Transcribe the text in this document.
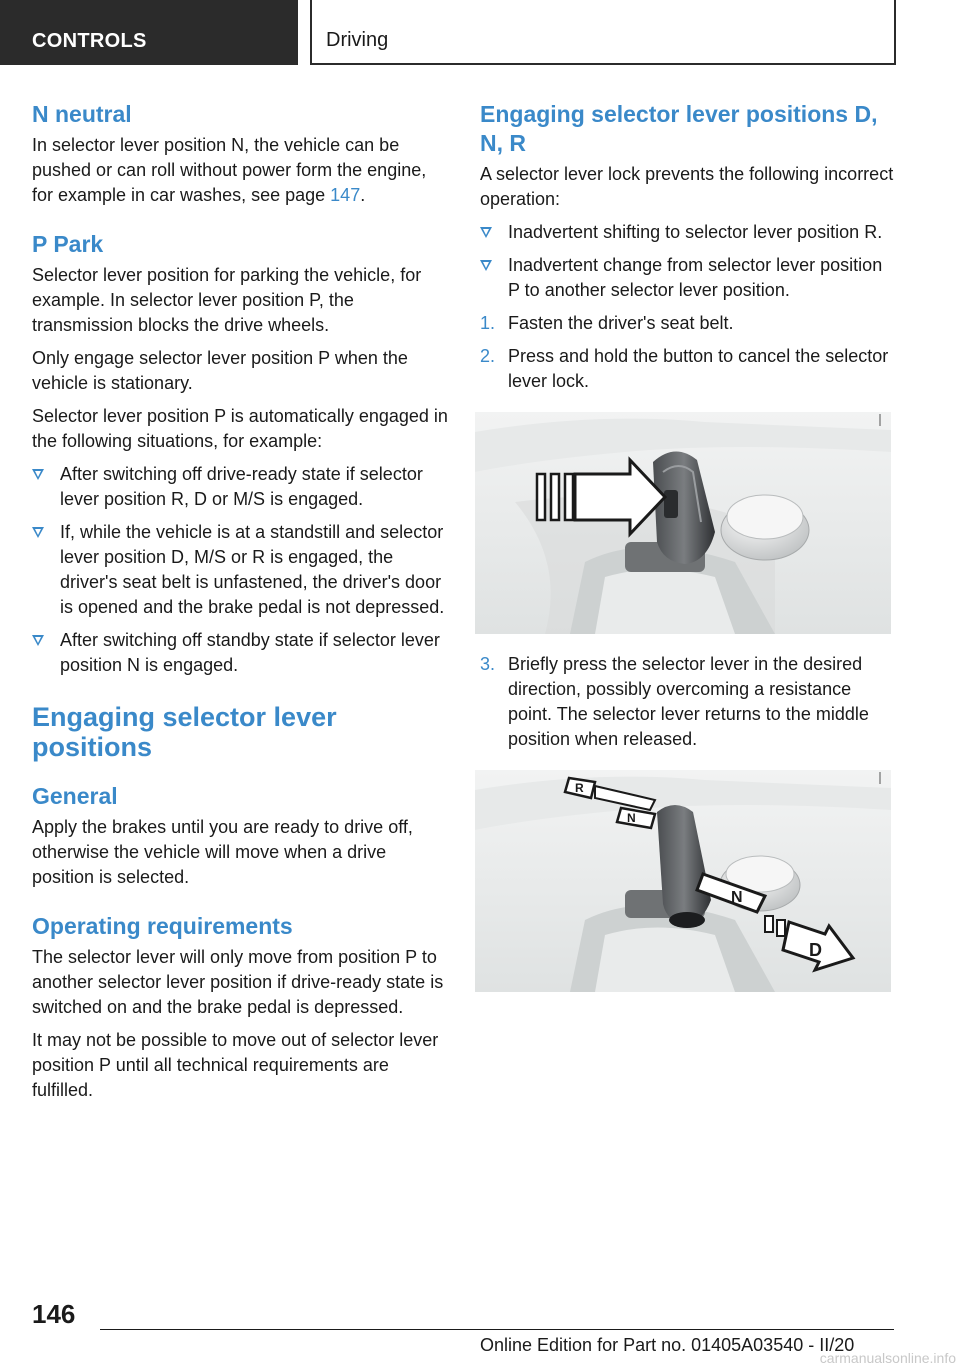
CONTROLS	Driving
N neutral

In selector lever position N, the vehicle can be pushed or can roll without power form the engine, for example in car washes, see page 147.

P Park

Selector lever position for parking the vehicle, for example. In selector lever position P, the transmission blocks the drive wheels.

Only engage selector lever position P when the vehicle is stationary.

Selector lever position P is automatically engaged in the following situations, for example:

After switching off drive-ready state if selector lever position R, D or M/S is engaged.
If, while the vehicle is at a standstill and selector lever position D, M/S or R is engaged, the driver's seat belt is unfastened, the driver's door is opened and the brake pedal is not depressed.
After switching off standby state if selector lever position N is engaged.
Engaging selector lever positions
General

Apply the brakes until you are ready to drive off, otherwise the vehicle will move when a drive position is selected.

Operating requirements

The selector lever will only move from position P to another selector lever position if drive-ready state is switched on and the brake pedal is depressed.

It may not be possible to move out of selector lever position P until all technical requirements are fulfilled.

Engaging selector lever positions D, N, R

A selector lever lock prevents the following incorrect operation:

Inadvertent shifting to selector lever position R.
Inadvertent change from selector lever position P to another selector lever position.
1. Fasten the driver's seat belt.
2. Press and hold the button to cancel the selector lever lock.
3. Briefly press the selector lever in the desired direction, possibly overcoming a resistance point. The selector lever returns to the middle position when released.
R
N
N
D
146
Online Edition for Part no. 01405A03540 - II/20
carmanualsonline.info
